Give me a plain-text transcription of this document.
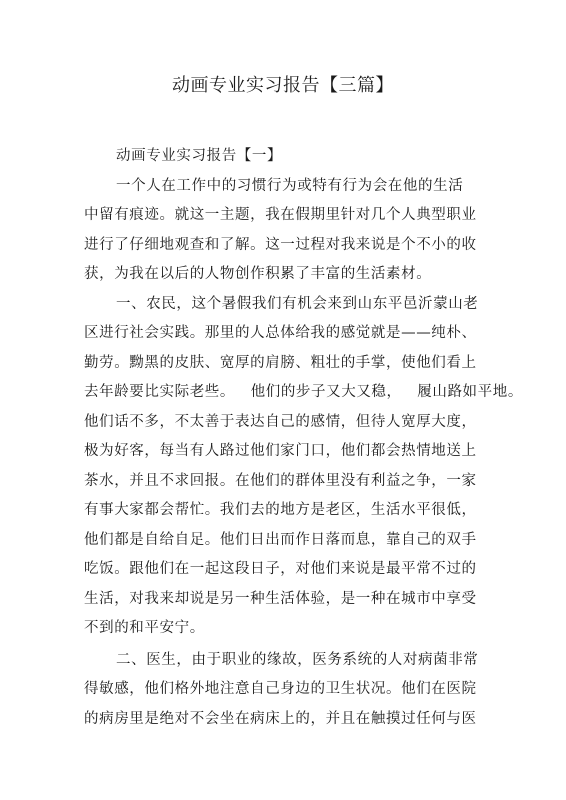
动画专业实习报告【三篇】
动画专业实习报告【一】
一个人在工作中的习惯行为或特有行为会在他的生活
中留有痕迹。就这一主题，我在假期里针对几个人典型职业
进行了仔细地观查和了解。这一过程对我来说是个不小的收
获，为我在以后的人物创作积累了丰富的生活素材。
一、农民，这个暑假我们有机会来到山东平邑沂蒙山老
区进行社会实践。那里的人总体给我的感觉就是——纯朴、
勤劳。黝黑的皮肤、宽厚的肩膀、粗壮的手掌，使他们看上
去年龄要比实际老些。   他们的步子又大又稳，   履山路如平地。
他们话不多，不太善于表达自己的感情，但待人宽厚大度，
极为好客，每当有人路过他们家门口，他们都会热情地送上
茶水，并且不求回报。在他们的群体里没有利益之争，一家
有事大家都会帮忙。我们去的地方是老区，生活水平很低，
他们都是自给自足。他们日出而作日落而息，靠自己的双手
吃饭。跟他们在一起这段日子，对他们来说是最平常不过的
生活，对我来却说是另一种生活体验，是一种在城市中享受
不到的和平安宁。
二、医生，由于职业的缘故，医务系统的人对病菌非常
得敏感，他们格外地注意自己身边的卫生状况。他们在医院
的病房里是绝对不会坐在病床上的，并且在触摸过任何与医
